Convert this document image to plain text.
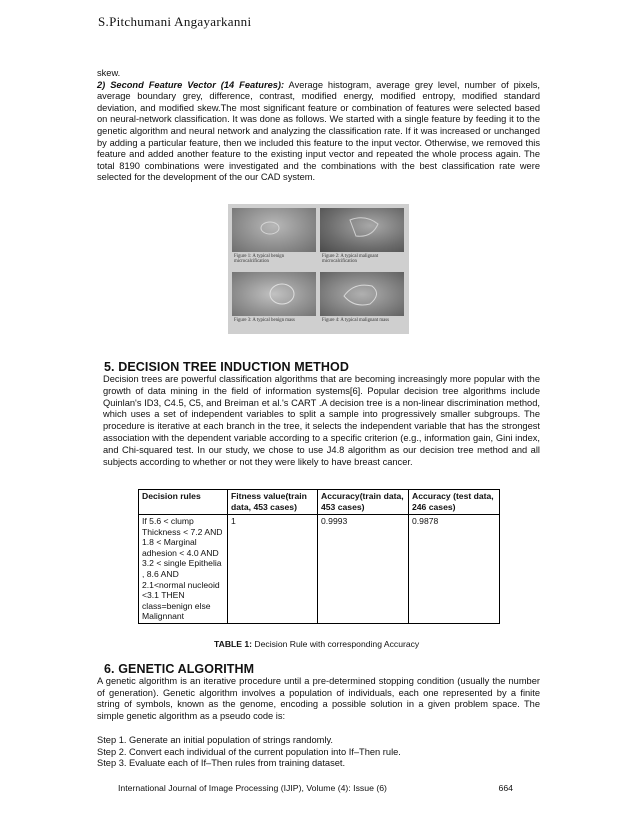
S.Pitchumani Angayarkanni
skew.
2) Second Feature Vector (14 Features): Average histogram, average grey level, number of pixels, average boundary grey, difference, contrast, modified energy, modified entropy, modified standard deviation, and modified skew.The most significant feature or combination of features were selected based on neural-network classification. It was done as follows. We started with a single feature by feeding it to the genetic algorithm and neural network and analyzing the classification rate. If it was increased or unchanged by adding a particular feature, then we included this feature to the input vector. Otherwise, we removed this feature and added another feature to the existing input vector and repeated the whole process again. The total 8190 combinations were investigated and the combinations with the best classification rate were selected for the development of the our CAD system.
Figure 1: A typical benign microcalcification
Figure 2: A typical malignant microcalcification
Figure 3: A typical benign mass	Figure 4: A typical malignant mass
5. DECISION TREE INDUCTION METHOD
Decision trees are powerful classification algorithms that are becoming increasingly more popular with the growth of data mining in the field of information systems[6]. Popular decision tree algorithms include Quinlan's ID3, C4.5, C5, and Breiman et al.'s CART .A decision tree is a non-linear discrimination method, which uses a set of independent variables to split a sample into progressively smaller subgroups. The procedure is iterative at each branch in the tree, it selects the independent variable that has the strongest association with the dependent variable according to a specific criterion (e.g., information gain, Gini index, and Chi-squared test. In our study, we chose to use J4.8 algorithm as our decision tree method and all subjects according to whether or not they were likely to have breast cancer.
Decision rules	Fitness value(train data, 453 cases)	Accuracy(train data, 453 cases)	Accuracy (test data, 246 cases)
If 5.6 < clump Thickness < 7.2 AND 1.8 < Marginal adhesion < 4.0 AND 3.2 < single Epithelia , 8.6 AND 2.1<normal nucleoid <3.1 THEN class=benign else Malignnant	1	0.9993	0.9878
TABLE 1: Decision Rule with corresponding Accuracy
6. GENETIC ALGORITHM
A genetic algorithm is an iterative procedure until a pre-determined stopping condition (usually the number of generation). Genetic algorithm involves a population of individuals, each one represented by a finite string of symbols, known as the genome, encoding a possible solution in a given problem space. The simple genetic algorithm as a pseudo code is:
Step 1. Generate an initial population of strings randomly.
Step 2. Convert each individual of the current population into If–Then rule.
Step 3. Evaluate each of If–Then rules from training dataset.
International Journal of Image Processing (IJIP), Volume (4): Issue (6)	664
